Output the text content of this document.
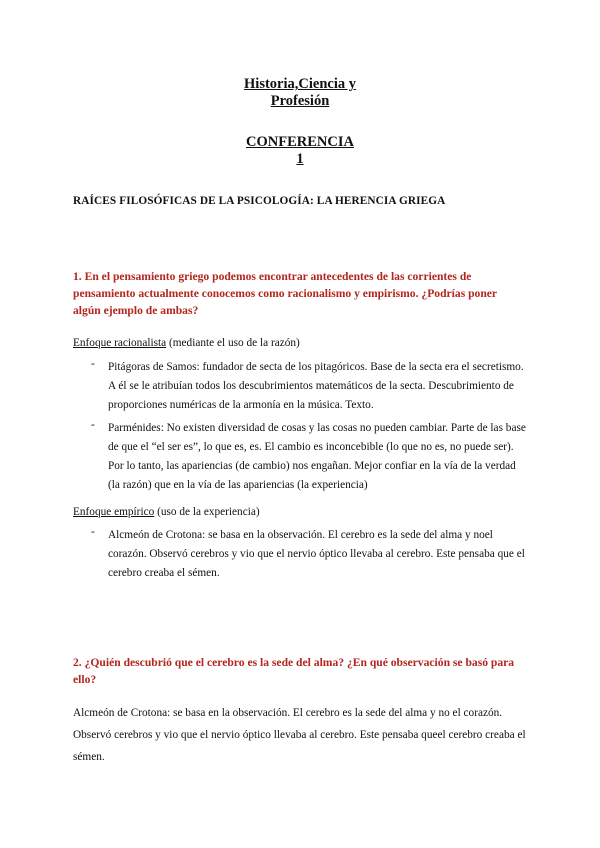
Historia,Ciencia y
Profesión
CONFERENCIA
1
RAÍCES FILOSÓFICAS DE LA PSICOLOGÍA: LA HERENCIA GRIEGA
1. En el pensamiento griego podemos encontrar antecedentes de las corrientes de pensamiento actualmente conocemos como racionalismo y empirismo. ¿Podrías poner algún ejemplo de ambas?
Enfoque racionalista (mediante el uso de la razón)
- Pitágoras de Samos: fundador de secta de los pitagóricos. Base de la secta era el secretismo. A él se le atribuían todos los descubrimientos matemáticos de la secta. Descubrimiento de proporciones numéricas de la armonía en la música. Texto.
- Parménides: No existen diversidad de cosas y las cosas no pueden cambiar. Parte de las base de que el “el ser es”, lo que es, es. El cambio es inconcebible (lo que no es, no puede ser). Por lo tanto, las apariencias (de cambio) nos engañan. Mejor confiar en la vía de la verdad (la razón) que en la vía de las apariencias (la experiencia)
Enfoque empírico (uso de la experiencia)
- Alcmeón de Crotona: se basa en la observación. El cerebro es la sede del alma y noel corazón. Observó cerebros y vio que el nervio óptico llevaba al cerebro. Este pensaba que el cerebro creaba el sémen.
2. ¿Quién descubrió que el cerebro es la sede del alma? ¿En qué observación se basó para ello?
Alcmeón de Crotona: se basa en la observación. El cerebro es la sede del alma y no el corazón. Observó cerebros y vio que el nervio óptico llevaba al cerebro. Este pensaba queel cerebro creaba el sémen.
